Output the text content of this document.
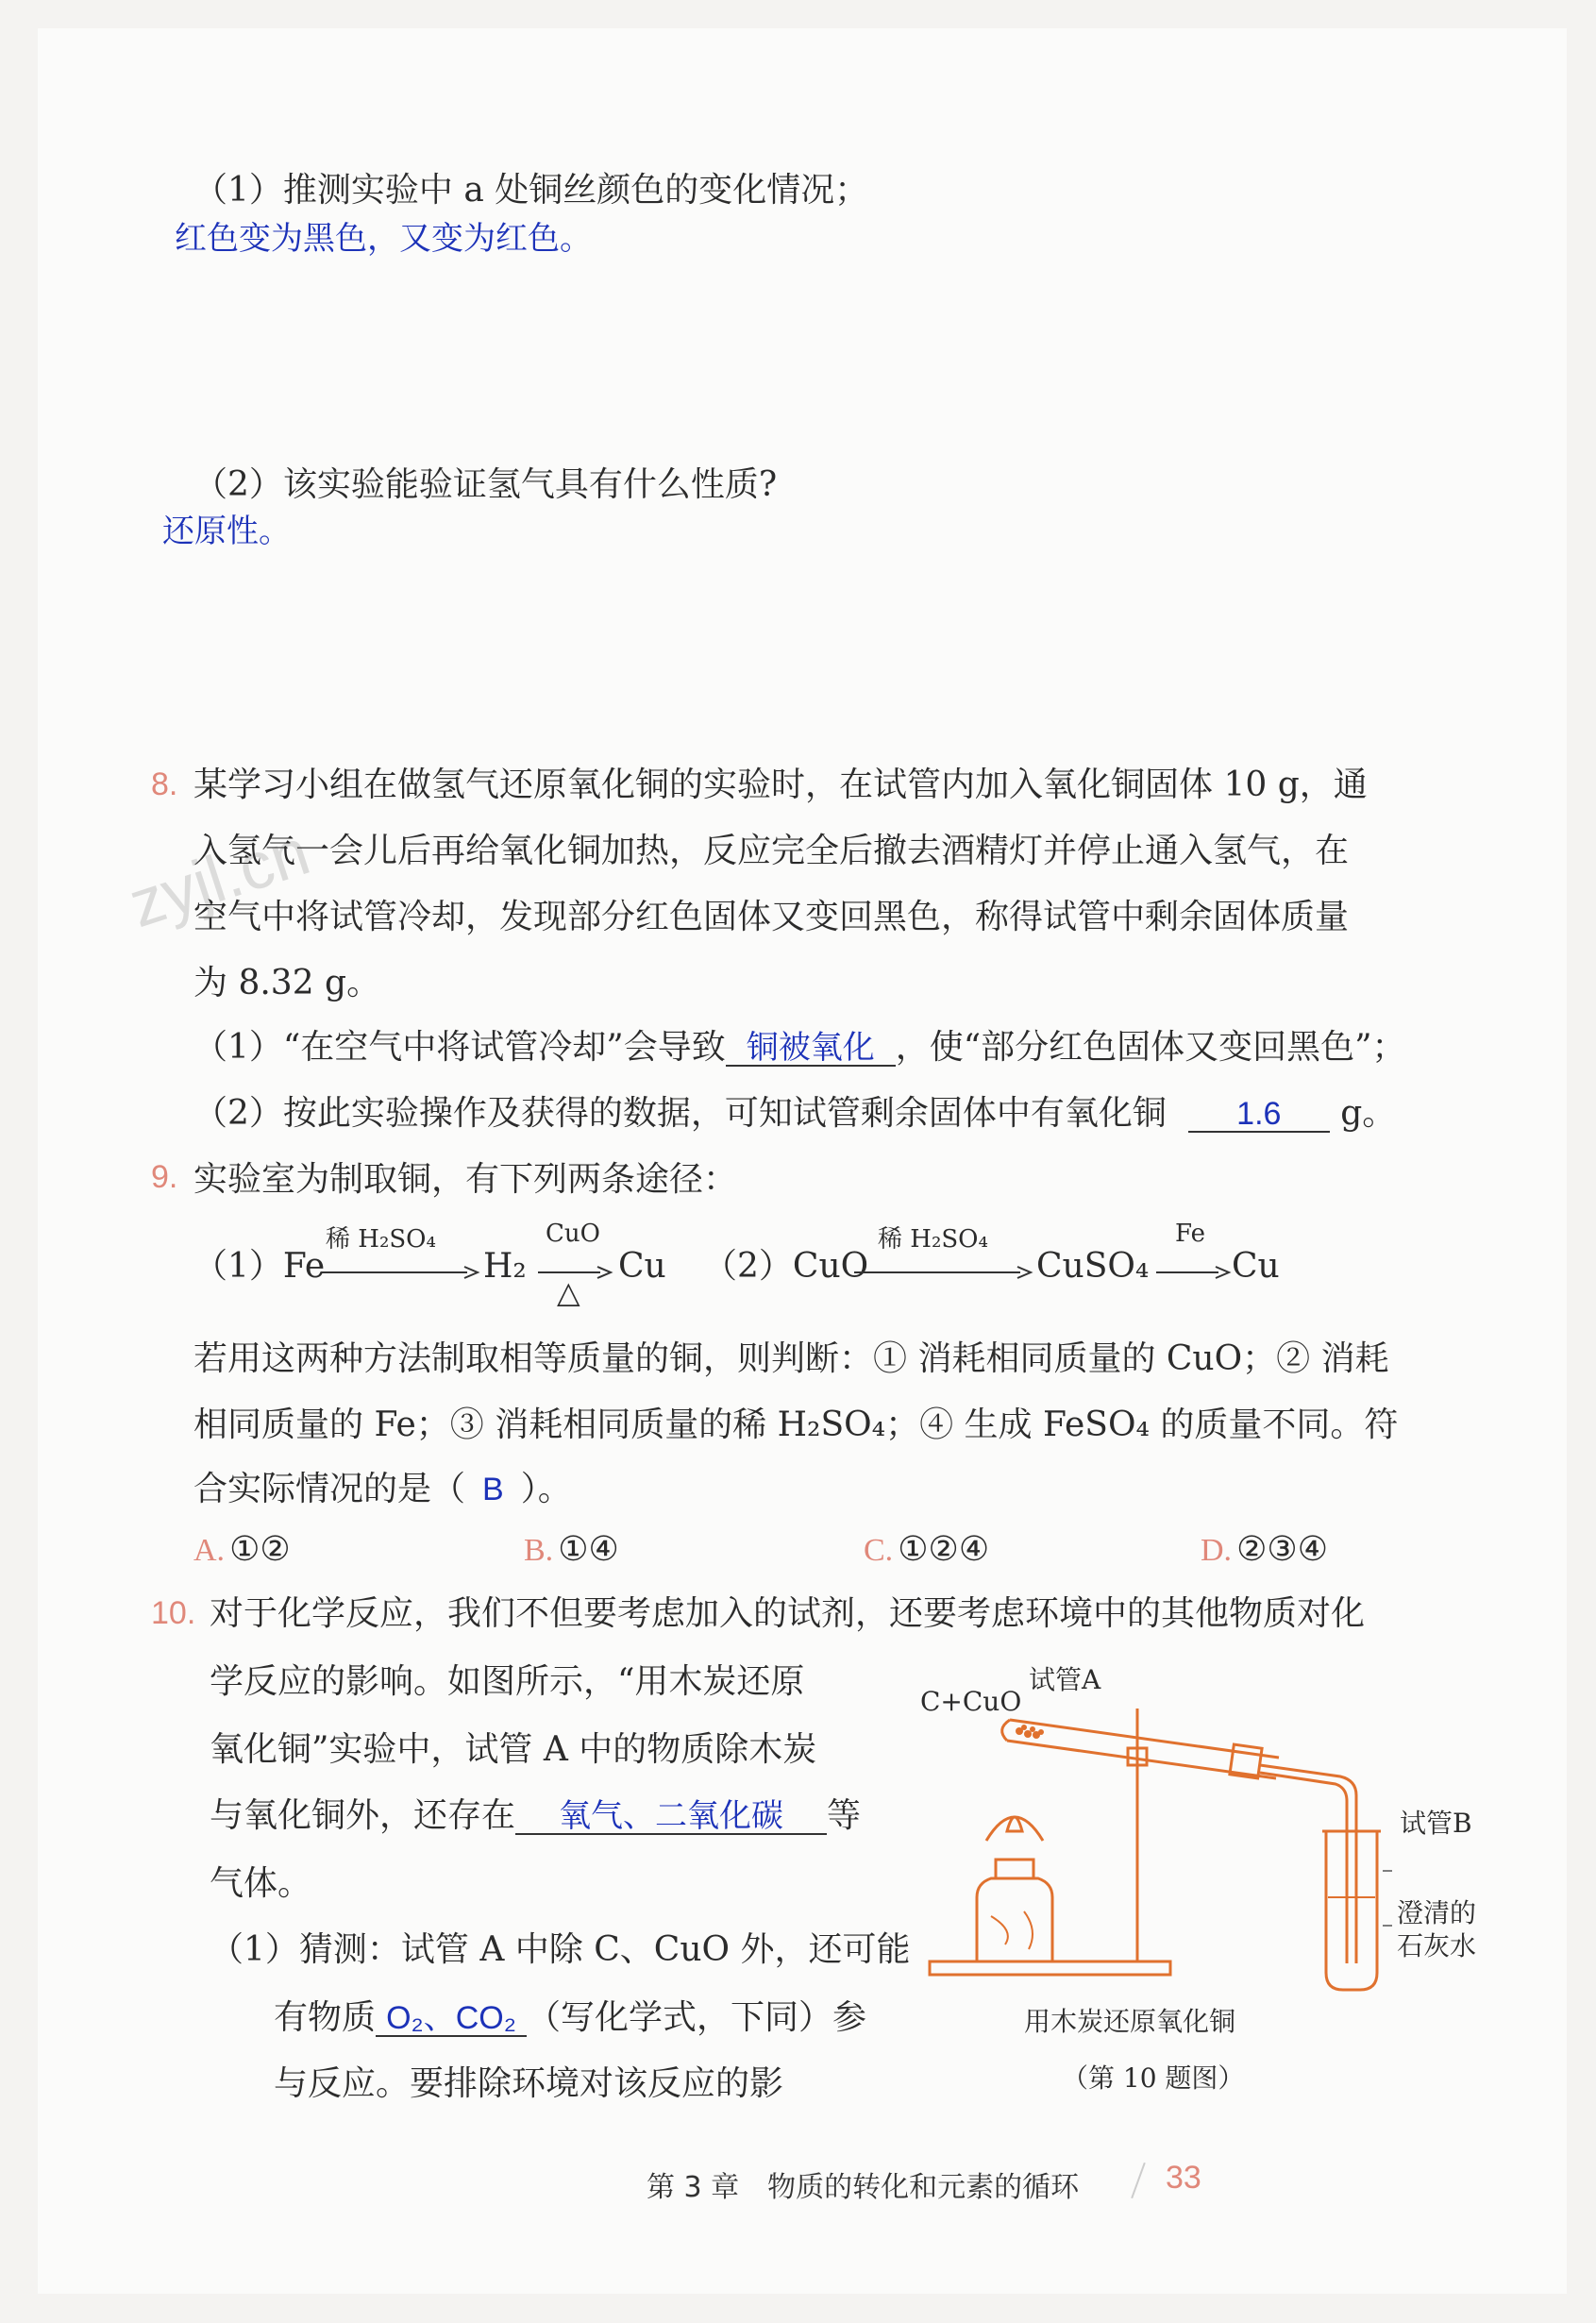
（1）推测实验中 a 处铜丝颜色的变化情况；
红色变为黑色，又变为红色。
（2）该实验能验证氢气具有什么性质?
还原性。
zyjl.cn
8. 某学习小组在做氢气还原氧化铜的实验时，在试管内加入氧化铜固体 10 g，通
入氢气一会儿后再给氧化铜加热，反应完全后撤去酒精灯并停止通入氢气，在
空气中将试管冷却，发现部分红色固体又变回黑色，称得试管中剩余固体质量
为 8.32 g。
（1）“在空气中将试管冷却”会导致 铜被氧化 ，使“部分红色固体又变回黑色”；
（2）按此实验操作及获得的数据，可知试管剩余固体中有氧化铜 1.6 g。
9. 实验室为制取铜，有下列两条途径：
（1）Fe
稀 H₂SO₄
H₂
CuO
△
Cu （2）CuO
稀 H₂SO₄
CuSO₄
Fe
Cu
若用这两种方法制取相等质量的铜，则判断：① 消耗相同质量的 CuO；② 消耗
相同质量的 Fe；③ 消耗相同质量的稀 H₂SO₄；④ 生成 FeSO₄ 的质量不同。符
合实际情况的是（ B ）。
A. ①②	B. ①④	C. ①②④	D. ②③④
10. 对于化学反应，我们不但要考虑加入的试剂，还要考虑环境中的其他物质对化
学反应的影响。如图所示，“用木炭还原
氧化铜”实验中，试管 A 中的物质除木炭
与氧化铜外，还存在 氧气、二氧化碳 等
气体。
（1）猜测：试管 A 中除 C、CuO 外，还可能
有物质 O₂、CO₂ （写化学式，下同）参
与反应。要排除环境对该反应的影
C+CuO
试管A
试管B
澄清的
石灰水
用木炭还原氧化铜
（第 10 题图）
第 3 章　物质的转化和元素的循环	33
